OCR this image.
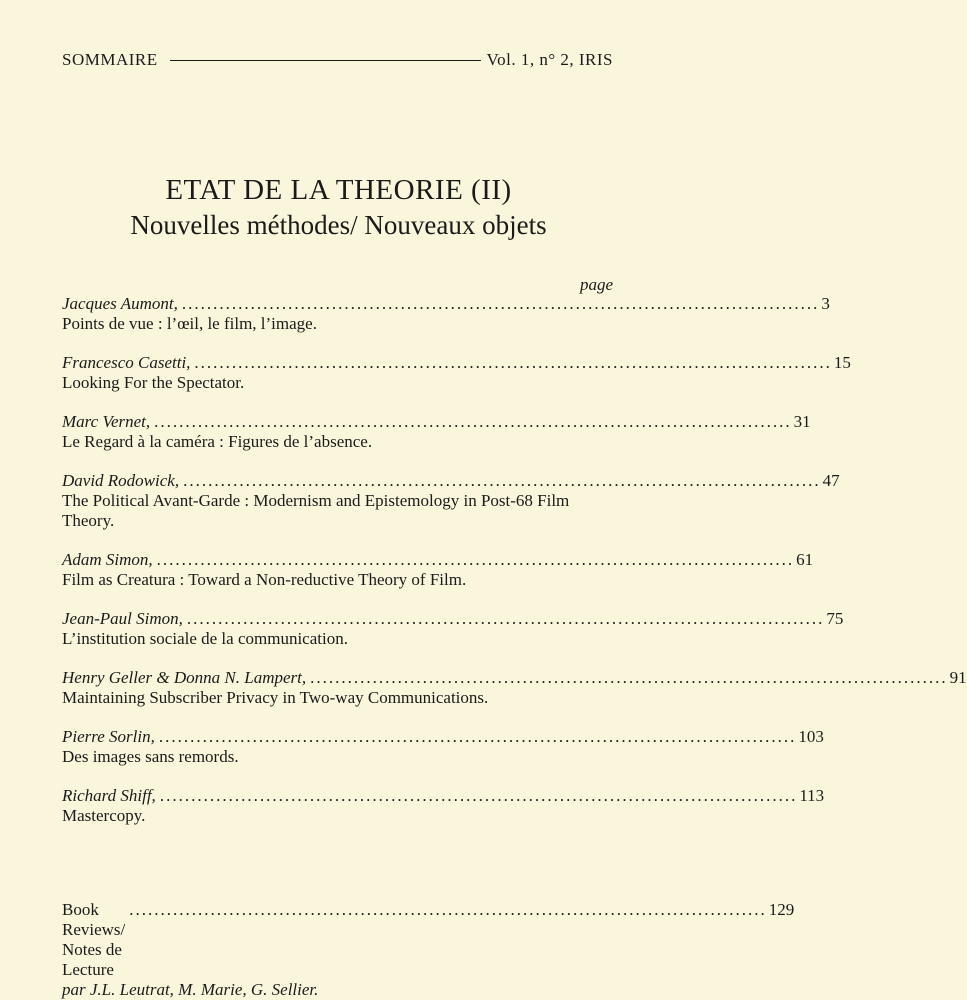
SOMMAIRE	Vol. 1, n° 2, IRIS
ETAT DE LA THEORIE (II)
Nouvelles méthodes/ Nouveaux objets
page
Jacques Aumont, ...................................................................................................... 3
Points de vue : l’œil, le film, l’image.
Francesco Casetti, ...................................................................................................... 15
Looking For the Spectator.
Marc Vernet, ...................................................................................................... 31
Le Regard à la caméra : Figures de l’absence.
David Rodowick, ...................................................................................................... 47
The Political Avant-Garde : Modernism and Epistemology in Post-68 Film Theory.
Adam Simon, ...................................................................................................... 61
Film as Creatura : Toward a Non-reductive Theory of Film.
Jean-Paul Simon, ...................................................................................................... 75
L’institution sociale de la communication.
Henry Geller & Donna N. Lampert, ...................................................................................................... 91
Maintaining Subscriber Privacy in Two-way Communications.
Pierre Sorlin, ...................................................................................................... 103
Des images sans remords.
Richard Shiff, ...................................................................................................... 113
Mastercopy.
Book Reviews/ Notes de Lecture
...................................................................................................... 129
par J.L. Leutrat, M. Marie, G. Sellier.
